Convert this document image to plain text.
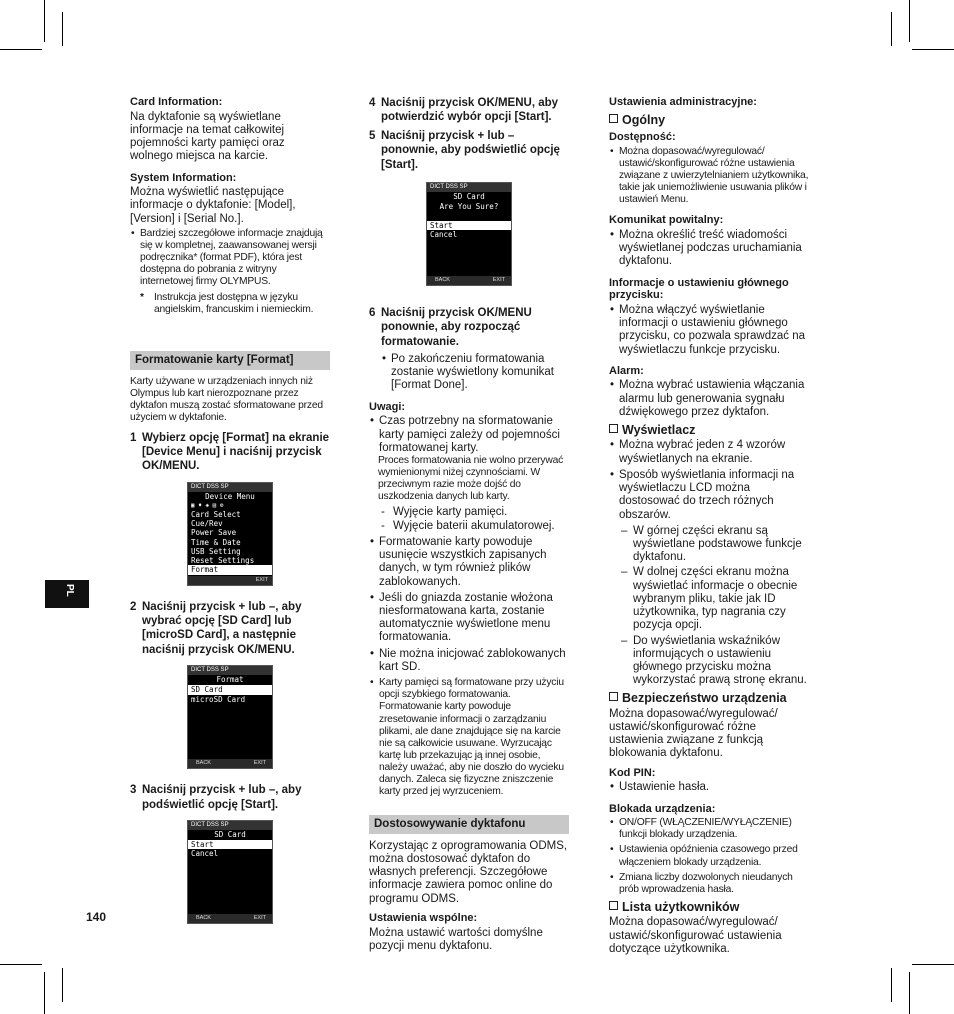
PL
140
Card Information:
Na dyktafonie są wyświetlane informacje na temat całkowitej pojemności karty pamięci oraz wolnego miejsca na karcie.
System Information:
Można wyświetlić następujące informacje o dyktafonie: [Model], [Version] i [Serial No.].
• Bardziej szczegółowe informacje znajdują się w kompletnej, zaawansowanej wersji podręcznika* (format PDF), która jest dostępna do pobrania z witryny internetowej firmy OLYMPUS.
* Instrukcja jest dostępna w języku angielskim, francuskim i niemieckim.
Formatowanie karty [Format]
Karty używane w urządzeniach innych niż Olympus lub kart nierozpoznane przez dyktafon muszą zostać sformatowane przed użyciem w dyktafonie.
1 Wybierz opcję [Format] na ekranie [Device Menu] i naciśnij przycisk OK/MENU.
DICT DSS SP
Device Menu
▣ ♦ ◈ ▤ ⚙
Card Select
Cue/Rev
Power Save
Time & Date
USB Setting
Reset Settings
Format
EXIT
2 Naciśnij przycisk + lub –, aby wybrać opcję [SD Card] lub [microSD Card], a następnie naciśnij przycisk OK/MENU.
DICT DSS SP
Format
SD Card
microSD Card
BACK	EXIT
3 Naciśnij przycisk + lub –, aby podświetlić opcję [Start].
DICT DSS SP
SD Card
Start
Cancel
BACK	EXIT
4 Naciśnij przycisk OK/MENU, aby potwierdzić wybór opcji [Start].
5 Naciśnij przycisk + lub – ponownie, aby podświetlić opcję [Start].
DICT DSS SP
SD Card
Are You Sure?
Start
Cancel
BACK	EXIT
6 Naciśnij przycisk OK/MENU ponownie, aby rozpocząć formatowanie.
• Po zakończeniu formatowania zostanie wyświetlony komunikat [Format Done].
Uwagi:
• Czas potrzebny na sformatowanie karty pamięci zależy od pojemności formatowanej karty.
Proces formatowania nie wolno przerywać wymienionymi niżej czynnościami. W przeciwnym razie może dojść do uszkodzenia danych lub karty.
- Wyjęcie karty pamięci.
- Wyjęcie baterii akumulatorowej.
• Formatowanie karty powoduje usunięcie wszystkich zapisanych danych, w tym również plików zablokowanych.
• Jeśli do gniazda zostanie włożona niesformatowana karta, zostanie automatycznie wyświetlone menu formatowania.
• Nie można inicjować zablokowanych kart SD.
• Karty pamięci są formatowane przy użyciu opcji szybkiego formatowania. Formatowanie karty powoduje zresetowanie informacji o zarządzaniu plikami, ale dane znajdujące się na karcie nie są całkowicie usuwane. Wyrzucając kartę lub przekazując ją innej osobie, należy uważać, aby nie doszło do wycieku danych. Zaleca się fizyczne zniszczenie karty przed jej wyrzuceniem.
Dostosowywanie dyktafonu
Korzystając z oprogramowania ODMS, można dostosować dyktafon do własnych preferencji. Szczegółowe informacje zawiera pomoc online do programu ODMS.
Ustawienia wspólne:
Można ustawić wartości domyślne pozycji menu dyktafonu.
Ustawienia administracyjne:
Ogólny
Dostępność:
• Można dopasować/wyregulować/ ustawić/skonfigurować różne ustawienia związane z uwierzytelnianiem użytkownika, takie jak uniemożliwienie usuwania plików i ustawień Menu.
Komunikat powitalny:
• Można określić treść wiadomości wyświetlanej podczas uruchamiania dyktafonu.
Informacje o ustawieniu głównego przycisku:
• Można włączyć wyświetlanie informacji o ustawieniu głównego przycisku, co pozwala sprawdzać na wyświetlaczu funkcje przycisku.
Alarm:
• Można wybrać ustawienia włączania alarmu lub generowania sygnału dźwiękowego przez dyktafon.
Wyświetlacz
• Można wybrać jeden z 4 wzorów wyświetlanych na ekranie.
• Sposób wyświetlania informacji na wyświetlaczu LCD można dostosować do trzech różnych obszarów.
– W górnej części ekranu są wyświetlane podstawowe funkcje dyktafonu.
– W dolnej części ekranu można wyświetlać informacje o obecnie wybranym pliku, takie jak ID użytkownika, typ nagrania czy pozycja opcji.
– Do wyświetlania wskaźników informujących o ustawieniu głównego przycisku można wykorzystać prawą stronę ekranu.
Bezpieczeństwo urządzenia
Można dopasować/wyregulować/ ustawić/skonfigurować różne ustawienia związane z funkcją blokowania dyktafonu.
Kod PIN:
• Ustawienie hasła.
Blokada urządzenia:
• ON/OFF (WŁĄCZENIE/WYŁĄCZENIE) funkcji blokady urządzenia.
• Ustawienia opóźnienia czasowego przed włączeniem blokady urządzenia.
• Zmiana liczby dozwolonych nieudanych prób wprowadzenia hasła.
Lista użytkowników
Można dopasować/wyregulować/ ustawić/skonfigurować ustawienia dotyczące użytkownika.
